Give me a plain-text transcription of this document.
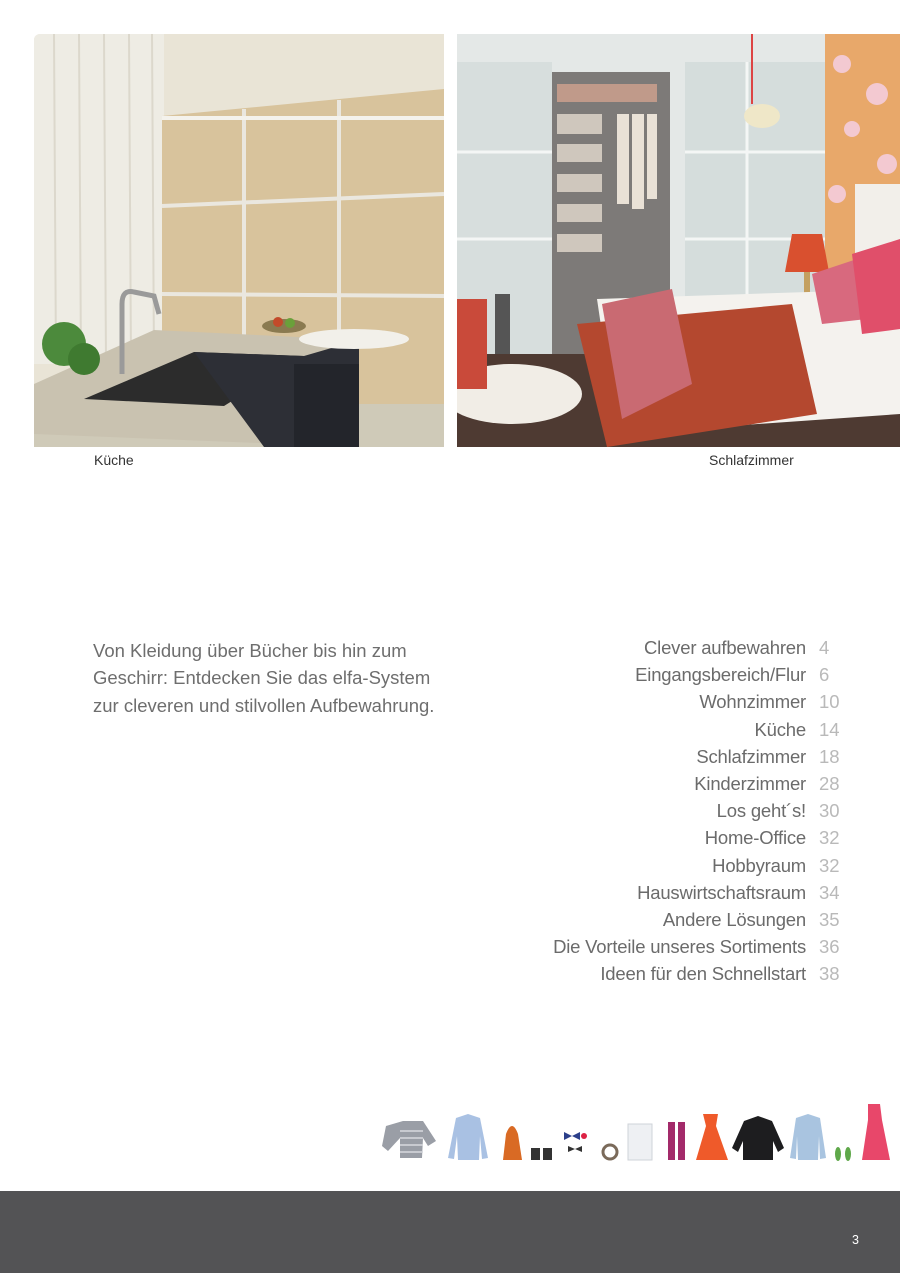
Küche	Schlafzimmer
Von Kleidung über Bücher bis hin zum Geschirr: Entdecken Sie das elfa-System zur cleveren und stilvollen Aufbewahrung.
Clever aufbewahren 4
Eingangsbereich/Flur 6
Wohnzimmer 10
Küche 14
Schlafzimmer 18
Kinderzimmer 28
Los geht´s! 30
Home-Office 32
Hobbyraum 32
Hauswirtschaftsraum 34
Andere Lösungen 35
Die Vorteile unseres Sortiments 36
Ideen für den Schnellstart 38
3
